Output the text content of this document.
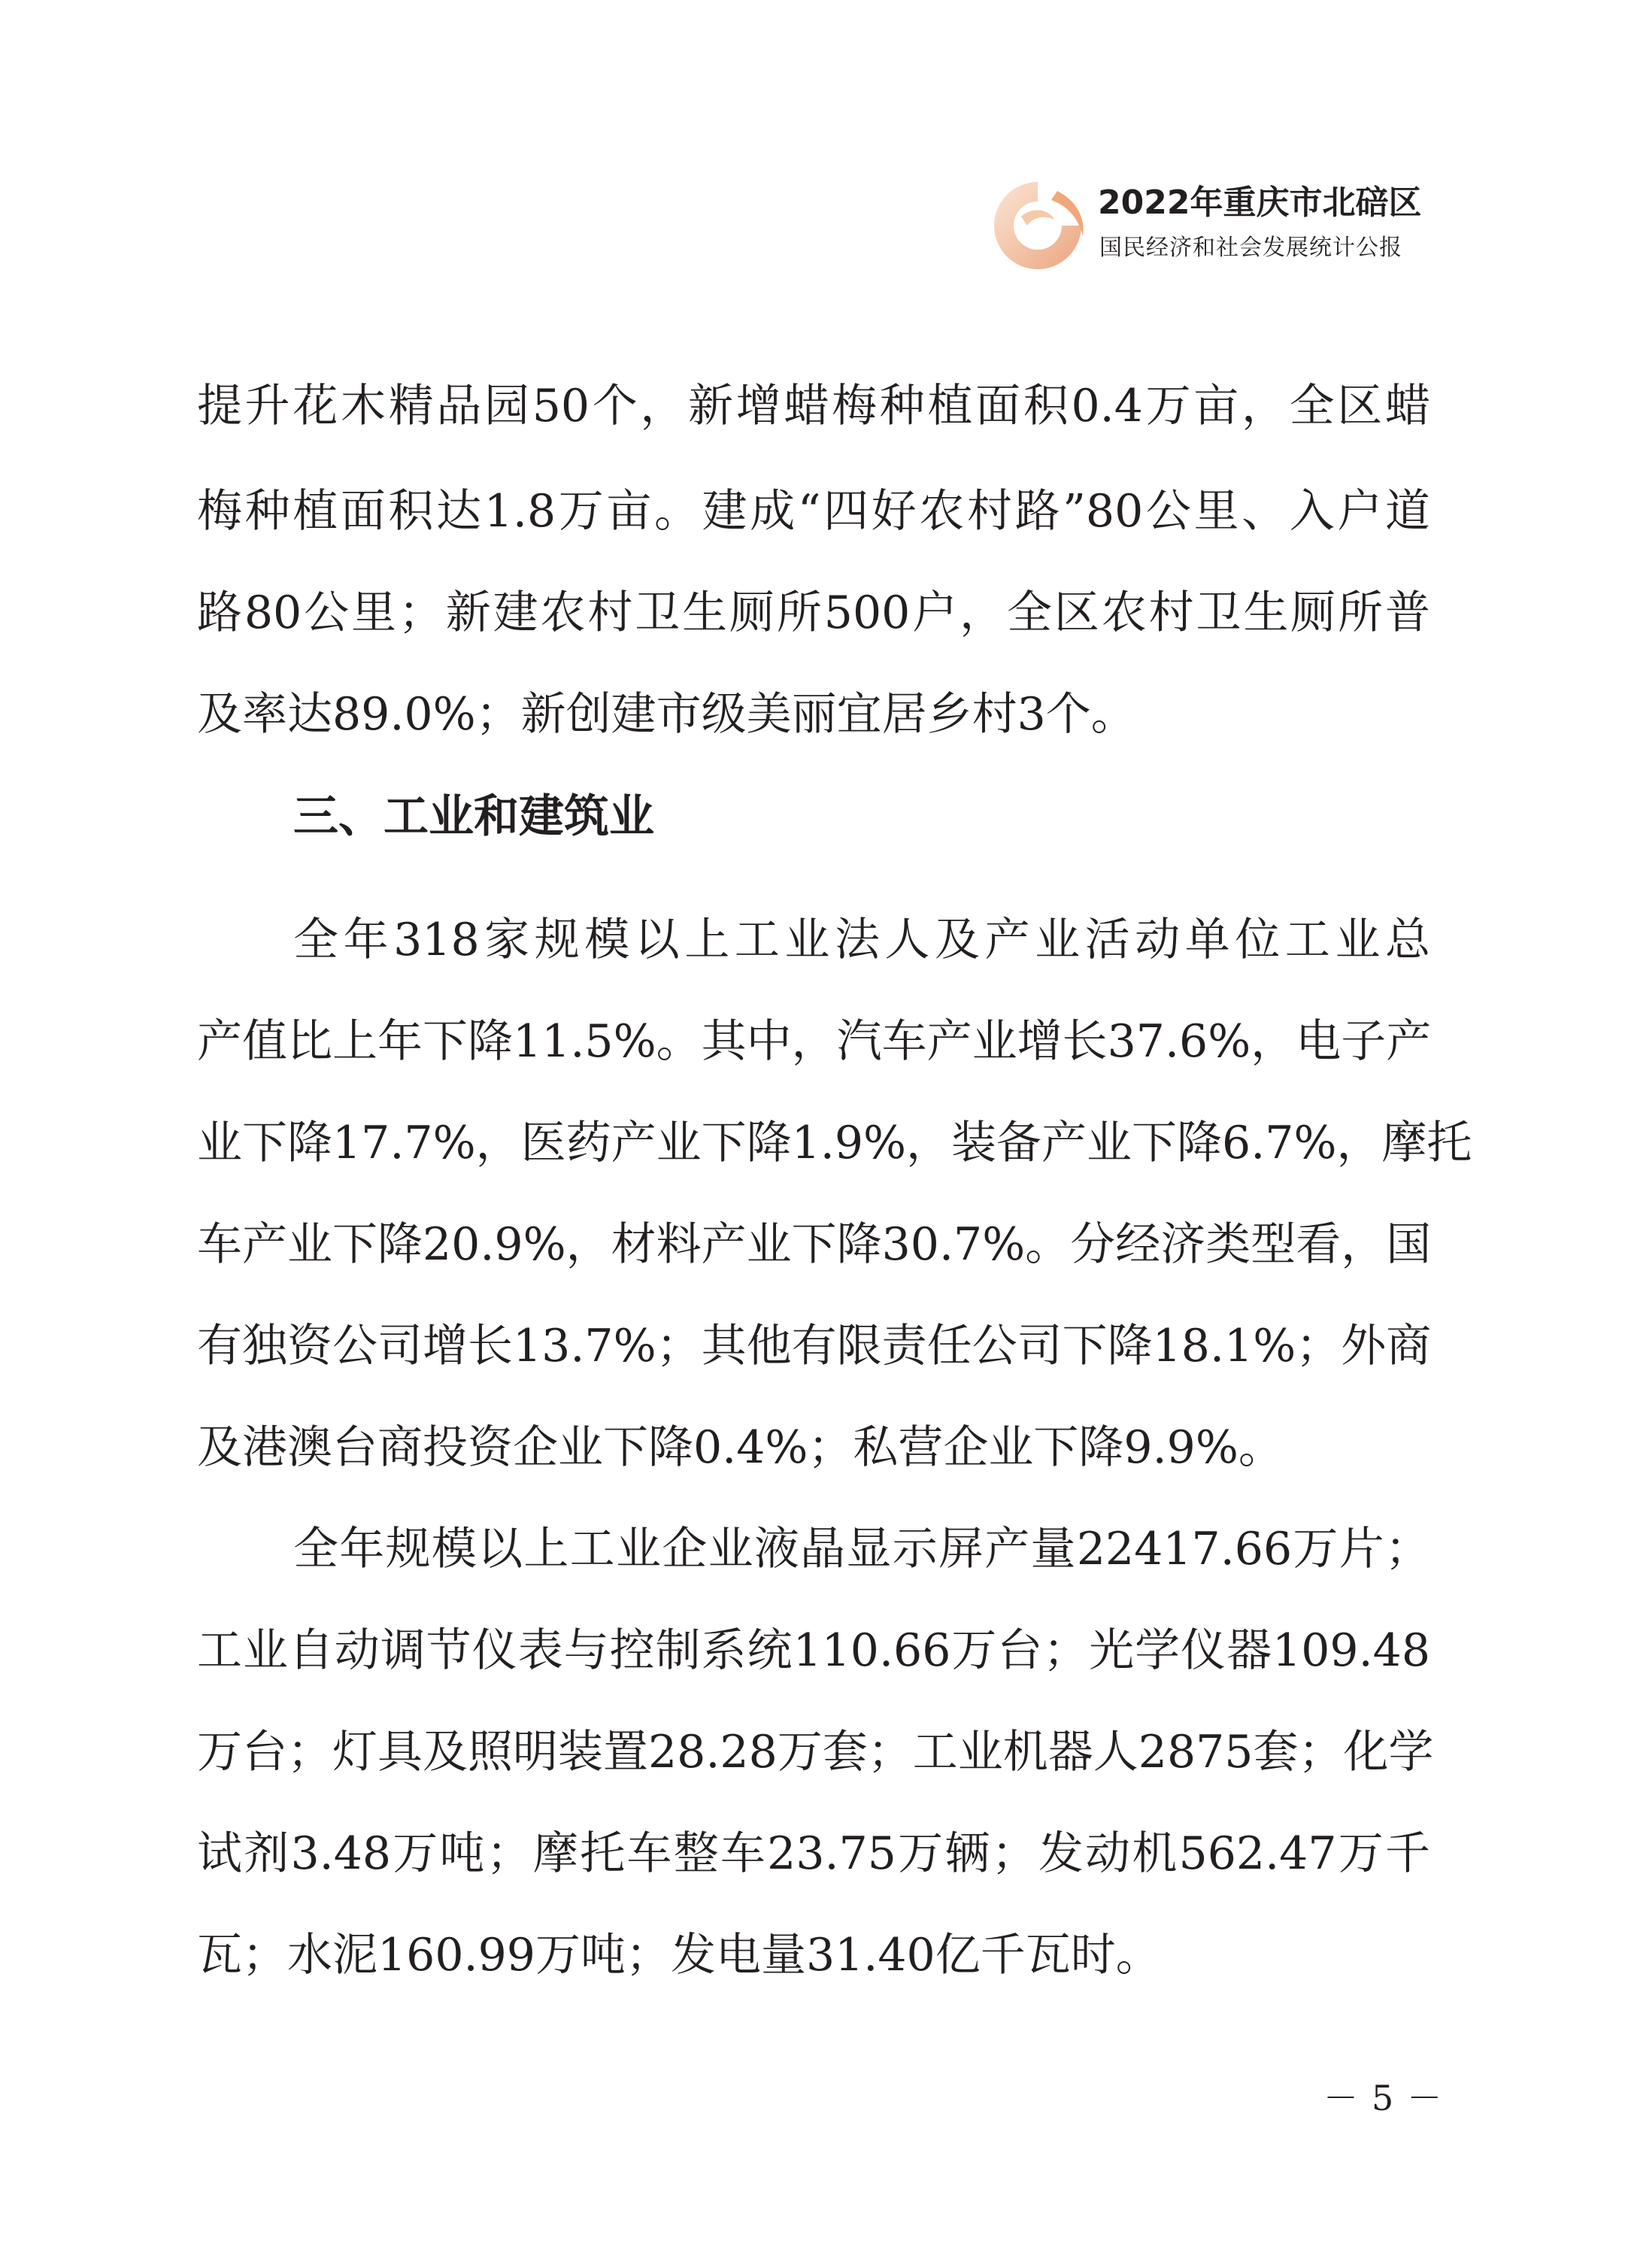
2022年重庆市北碚区
国民经济和社会发展统计公报
提升花木精品园50个，新增蜡梅种植面积0.4万亩，全区蜡
梅种植面积达1.8万亩。建成“四好农村路”80公里、入户道
路80公里；新建农村卫生厕所500户，全区农村卫生厕所普
及率达89.0%；新创建市级美丽宜居乡村3个。
三、工业和建筑业
全年318家规模以上工业法人及产业活动单位工业总
产值比上年下降11.5%。其中，汽车产业增长37.6%，电子产
业下降17.7%，医药产业下降1.9%，装备产业下降6.7%，摩托
车产业下降20.9%，材料产业下降30.7%。分经济类型看，国
有独资公司增长13.7%；其他有限责任公司下降18.1%；外商
及港澳台商投资企业下降0.4%；私营企业下降9.9%。
全年规模以上工业企业液晶显示屏产量22417.66万片；
工业自动调节仪表与控制系统110.66万台；光学仪器109.48
万台；灯具及照明装置28.28万套；工业机器人2875套；化学
试剂3.48万吨；摩托车整车23.75万辆；发动机562.47万千
瓦；水泥160.99万吨；发电量31.40亿千瓦时。
－5－
